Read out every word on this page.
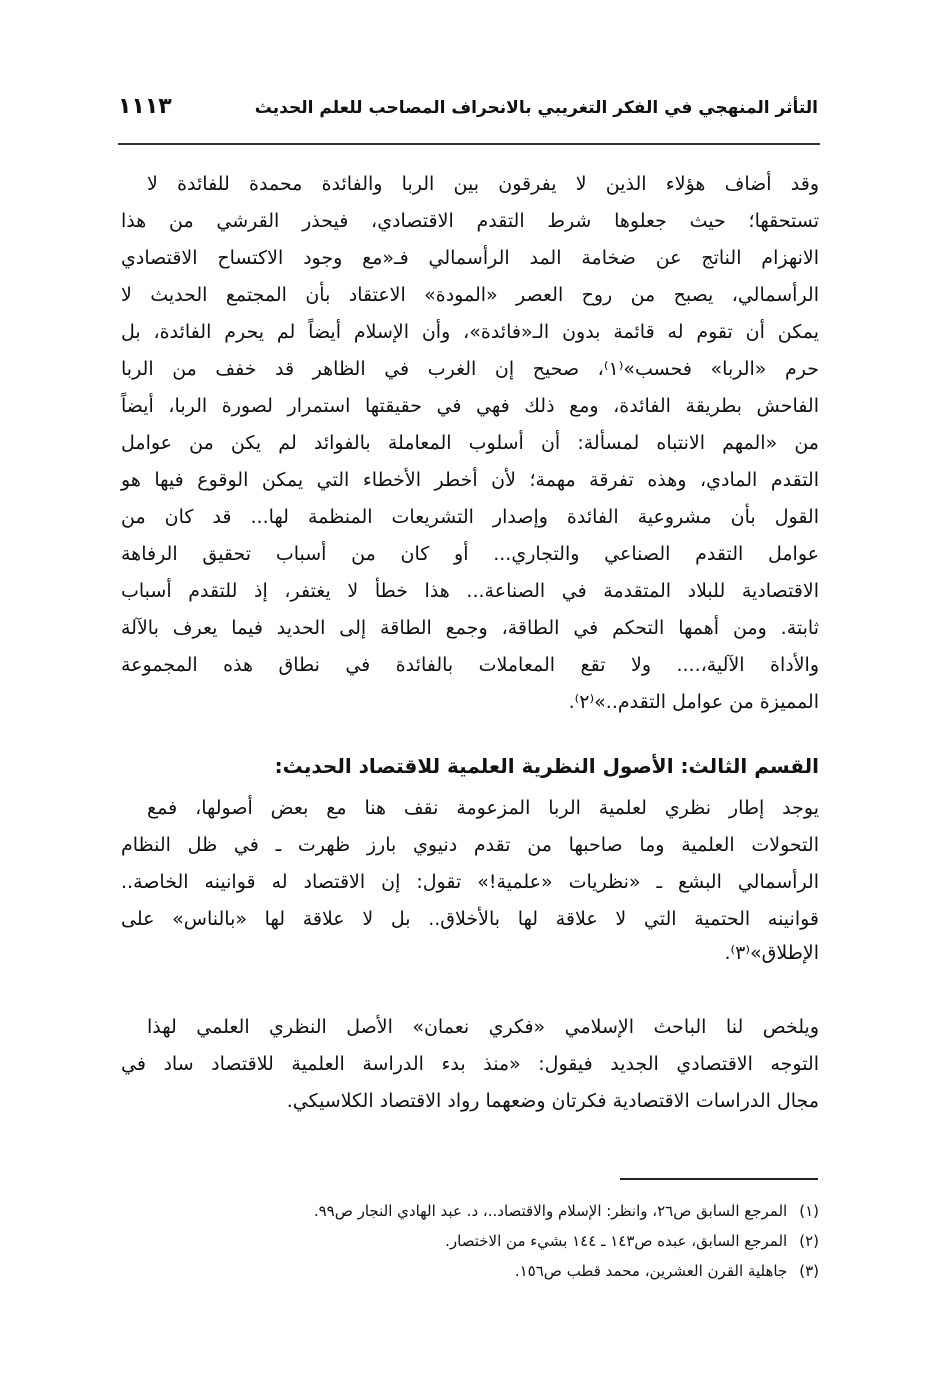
التأثر المنهجي في الفكر التغريبي بالانحراف المصاحب للعلم الحديث
١١١٣
وقد أضاف هؤلاء الذين لا يفرقون بين الربا والفائدة محمدة للفائدة لا
تستحقها؛ حيث جعلوها شرط التقدم الاقتصادي، فيحذر القرشي من هذا
الانهزام الناتج عن ضخامة المد الرأسمالي فـ«مع وجود الاكتساح الاقتصادي
الرأسمالي، يصبح من روح العصر «المودة» الاعتقاد بأن المجتمع الحديث لا
يمكن أن تقوم له قائمة بدون الـ«فائدة»، وأن الإسلام أيضاً لم يحرم الفائدة، بل
حرم «الربا» فحسب»⁽١⁾، صحيح إن الغرب في الظاهر قد خفف من الربا
الفاحش بطريقة الفائدة، ومع ذلك فهي في حقيقتها استمرار لصورة الربا، أيضاً
من «المهم الانتباه لمسألة: أن أسلوب المعاملة بالفوائد لم يكن من عوامل
التقدم المادي، وهذه تفرقة مهمة؛ لأن أخطر الأخطاء التي يمكن الوقوع فيها هو
القول بأن مشروعية الفائدة وإصدار التشريعات المنظمة لها... قد كان من
عوامل التقدم الصناعي والتجاري... أو كان من أسباب تحقيق الرفاهة
الاقتصادية للبلاد المتقدمة في الصناعة... هذا خطأ لا يغتفر، إذ للتقدم أسباب
ثابتة. ومن أهمها التحكم في الطاقة، وجمع الطاقة إلى الحديد فيما يعرف بالآلة
والأداة الآلية،.... ولا تقع المعاملات بالفائدة في نطاق هذه المجموعة
المميزة من عوامل التقدم..»⁽٢⁾.
يوجد إطار نظري لعلمية الربا المزعومة نقف هنا مع بعض أصولها، فمع
التحولات العلمية وما صاحبها من تقدم دنيوي بارز ظهرت ـ في ظل النظام
الرأسمالي البشع ـ «نظريات «علمية!» تقول: إن الاقتصاد له قوانينه الخاصة..
قوانينه الحتمية التي لا علاقة لها بالأخلاق.. بل لا علاقة لها «بالناس» على
الإطلاق»⁽٣⁾.
ويلخص لنا الباحث الإسلامي «فكري نعمان» الأصل النظري العلمي لهذا
التوجه الاقتصادي الجديد فيقول: «منذ بدء الدراسة العلمية للاقتصاد ساد في
مجال الدراسات الاقتصادية فكرتان وضعهما رواد الاقتصاد الكلاسيكي.
القسم الثالث: الأصول النظرية العلمية للاقتصاد الحديث:
(١)المرجع السابق ص٢٦، وانظر: الإسلام والاقتصاد..، د. عبد الهادي النجار ص٩٩.
(٢)المرجع السابق، عبده ص١٤٣ ـ ١٤٤ بشيء من الاختصار.
(٣)جاهلية القرن العشرين، محمد قطب ص١٥٦.
